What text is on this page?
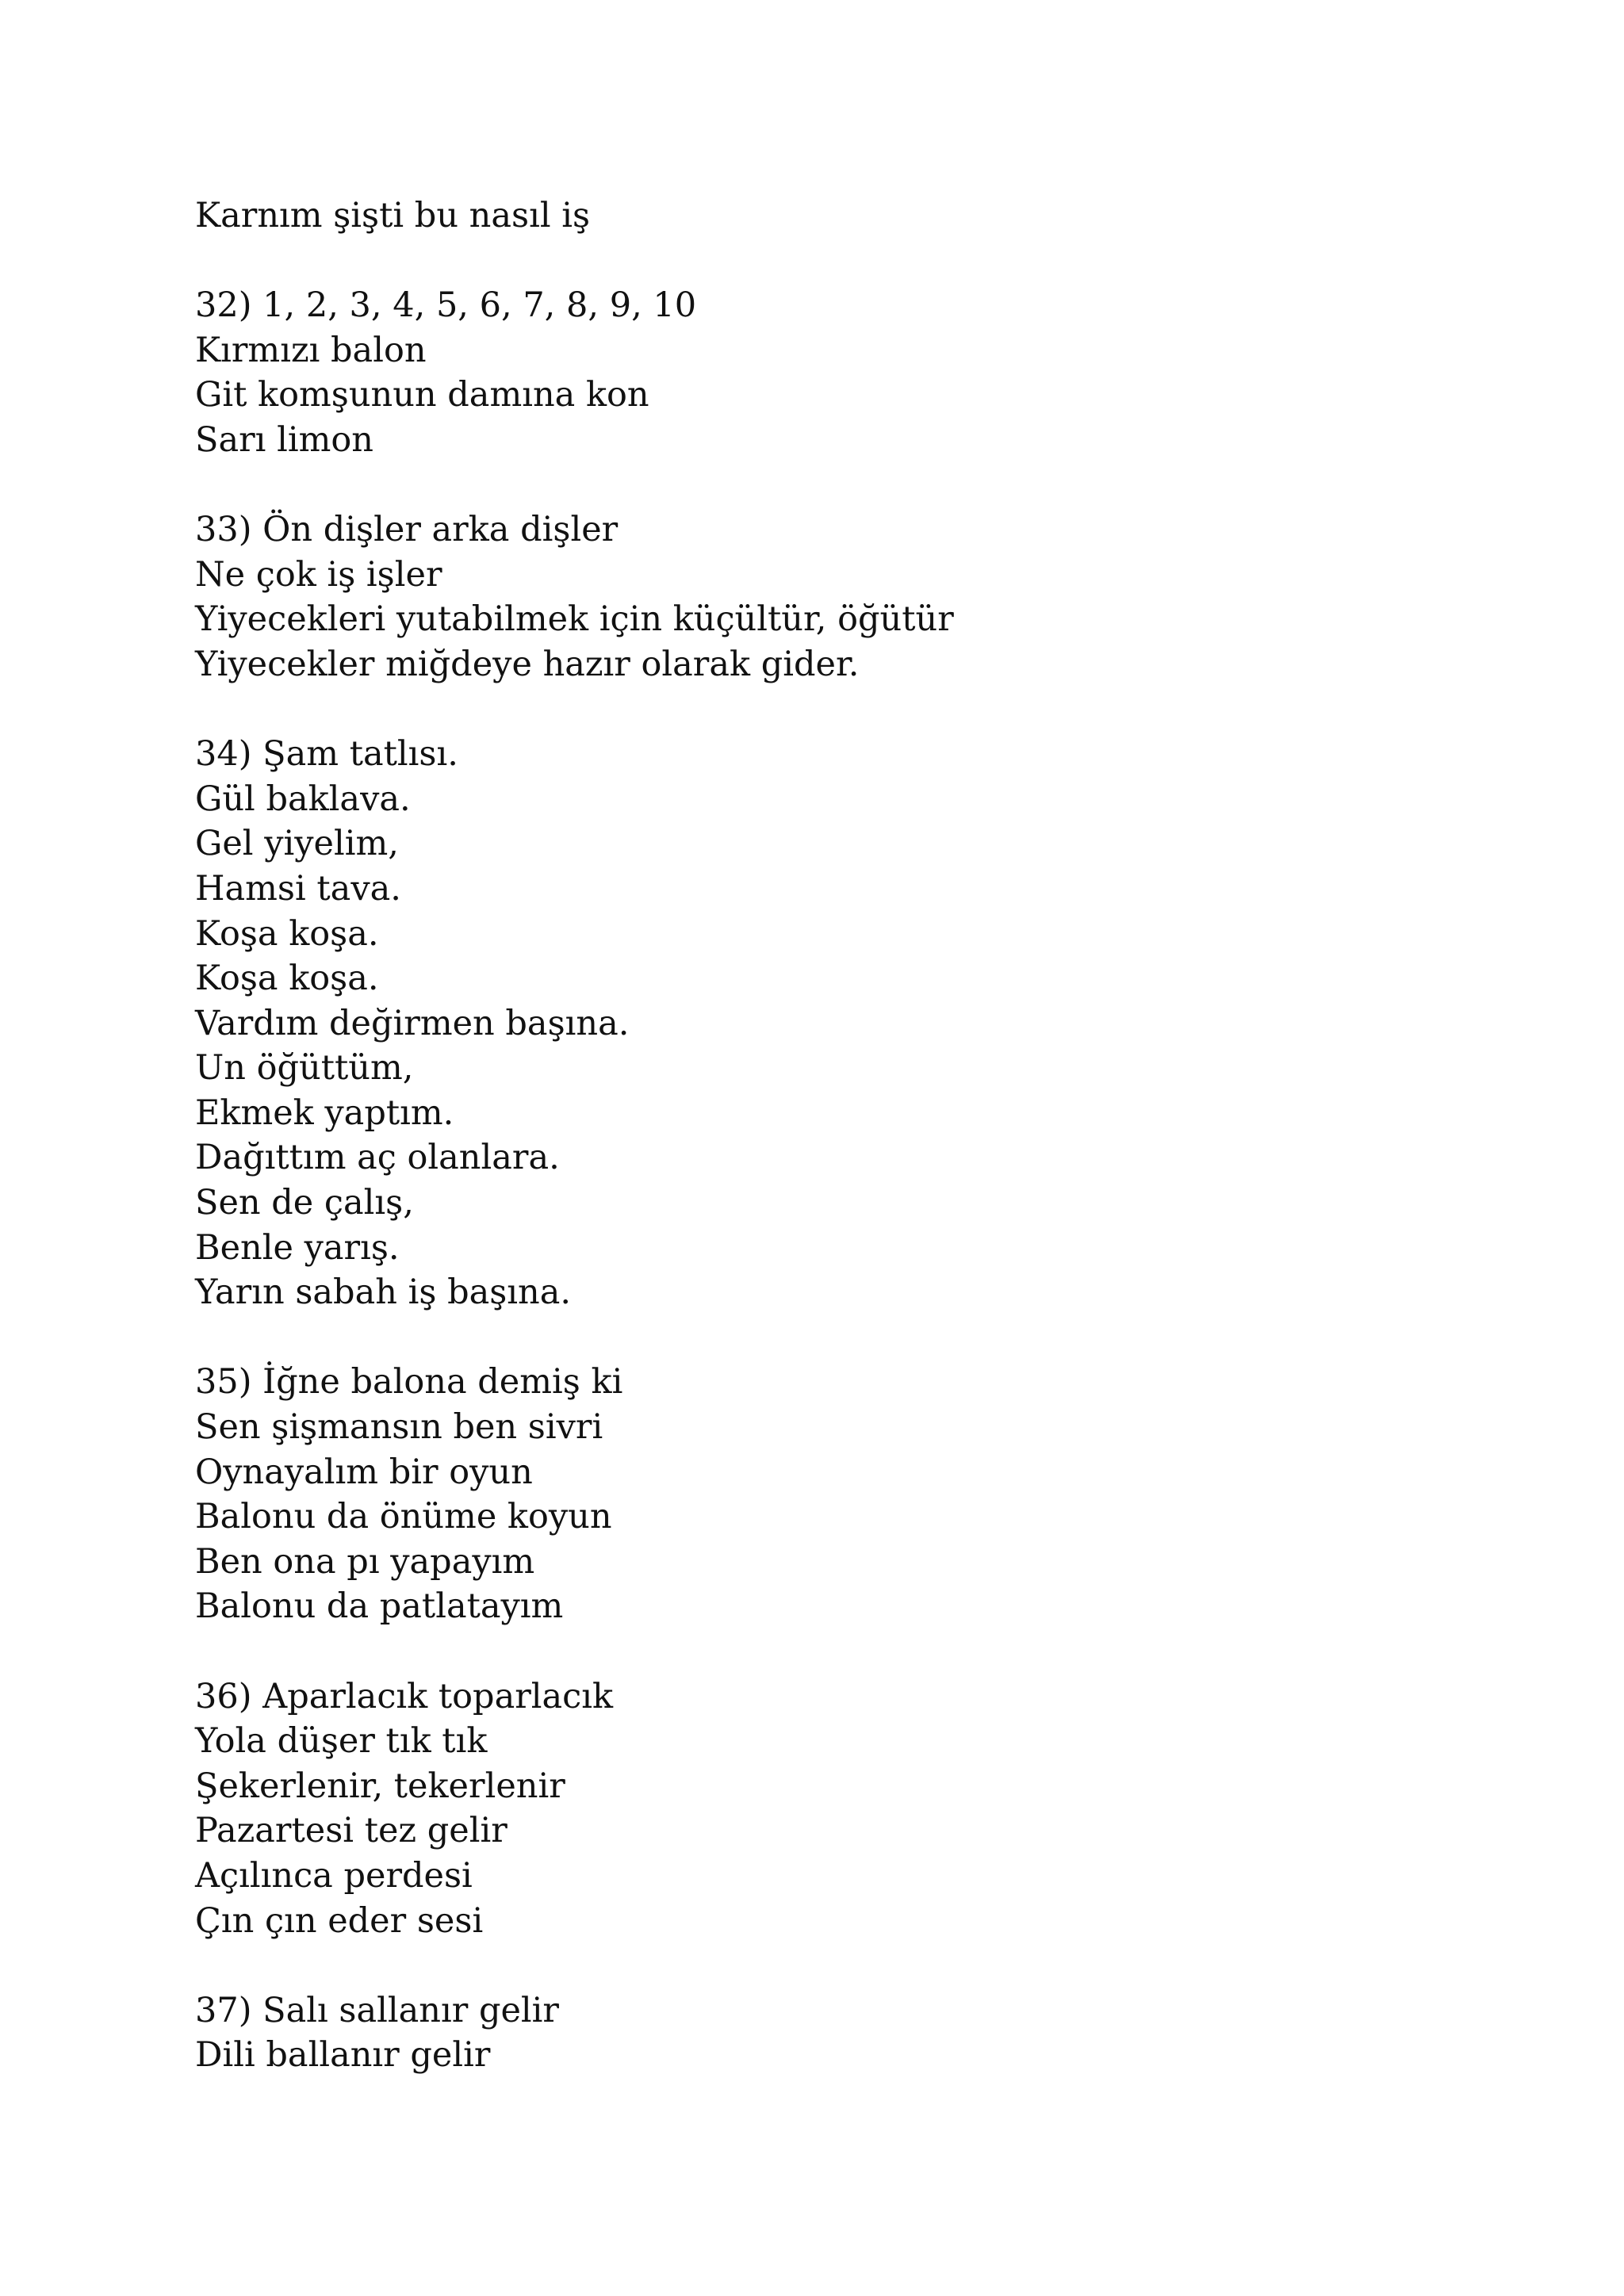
Karnım şişti bu nasıl iş
32) 1, 2, 3, 4, 5, 6, 7, 8, 9, 10
Kırmızı balon
Git komşunun damına kon
Sarı limon
33) Ön dişler arka dişler
Ne çok iş işler
Yiyecekleri yutabilmek için küçültür, öğütür
Yiyecekler miğdeye hazır olarak gider.
34) Şam tatlısı.
Gül baklava.
Gel yiyelim,
Hamsi tava.
Koşa koşa.
Koşa koşa.
Vardım değirmen başına.
Un öğüttüm,
Ekmek yaptım.
Dağıttım aç olanlara.
Sen de çalış,
Benle yarış.
Yarın sabah iş başına.
35) İğne balona demiş ki
Sen şişmansın ben sivri
Oynayalım bir oyun
Balonu da önüme koyun
Ben ona pı yapayım
Balonu da patlatayım
36) Aparlacık toparlacık
Yola düşer tık tık
Şekerlenir, tekerlenir
Pazartesi tez gelir
Açılınca perdesi
Çın çın eder sesi
37) Salı sallanır gelir
Dili ballanır gelir
